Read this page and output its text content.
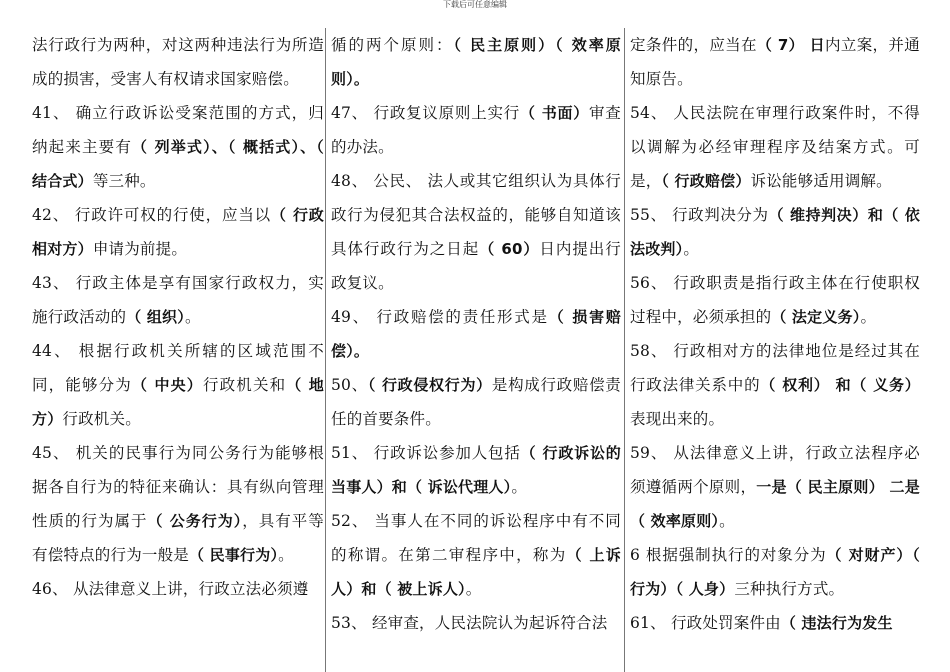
下载后可任意编辑

法行政行为两种，对这两种违法行为所造成的损害，受害人有权请求国家赔偿。

41、 确立行政诉讼受案范围的方式，归纳起来主要有（ 列举式）、（ 概括式）、（ 结合式）等三种。

42、 行政许可权的行使，应当以（ 行政相对方）申请为前提。

43、 行政主体是享有国家行政权力，实施行政活动的（ 组织）。

44、 根据行政机关所辖的区域范围不同，能够分为（ 中央）行政机关和（ 地方）行政机关。

45、 机关的民事行为同公务行为能够根据各自行为的特征来确认：具有纵向管理性质的行为属于（ 公务行为），具有平等有偿特点的行为一般是（ 民事行为）。

46、 从法律意义上讲，行政立法必须遵

循的两个原则：（ 民主原则）（ 效率原则）。

47、 行政复议原则上实行（ 书面）审查的办法。

48、 公民、 法人或其它组织认为具体行政行为侵犯其合法权益的，能够自知道该具体行政行为之日起（ 60）日内提出行政复议。

49、 行政赔偿的责任形式是（ 损害赔偿）。

50、（ 行政侵权行为）是构成行政赔偿责任的首要条件。

51、 行政诉讼参加人包括（ 行政诉讼的当事人）和（ 诉讼代理人）。

52、 当事人在不同的诉讼程序中有不同的称谓。在第二审程序中，称为（ 上诉人）和（ 被上诉人）。

53、 经审查，人民法院认为起诉符合法

定条件的，应当在（ 7） 日内立案，并通知原告。

54、 人民法院在审理行政案件时，不得以调解为必经审理程序及结案方式。可是，（ 行政赔偿）诉讼能够适用调解。

55、 行政判决分为（ 维持判决）和（ 依法改判）。

56、 行政职责是指行政主体在行使职权过程中，必须承担的（ 法定义务）。

58、 行政相对方的法律地位是经过其在行政法律关系中的（ 权利） 和（ 义务）表现出来的。

59、 从法律意义上讲，行政立法程序必须遵循两个原则，一是（ 民主原则） 二是（ 效率原则）。

6 根据强制执行的对象分为（ 对财产）（ 行为）（ 人身）三种执行方式。

61、 行政处罚案件由（ 违法行为发生
